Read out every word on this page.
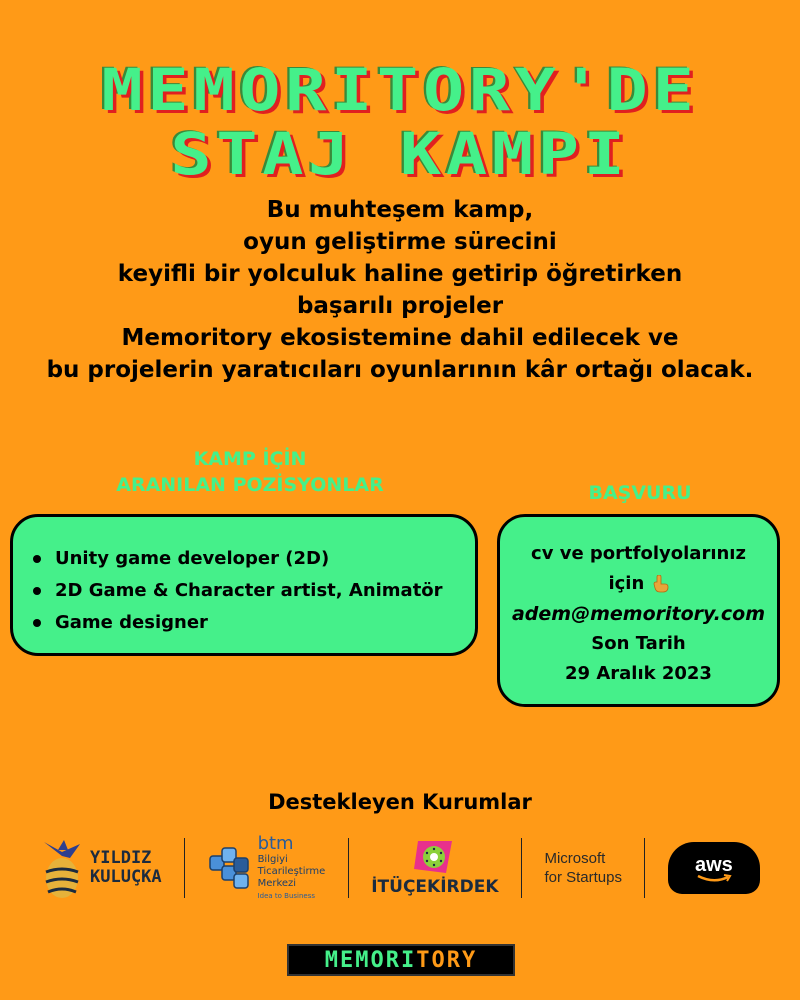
MEMORITORY'DE
STAJ KAMPI

Bu muhteşem kamp,

oyun geliştirme sürecini

keyifli bir yolculuk haline getirip öğretirken

başarılı projeler

Memoritory ekosistemine dahil edilecek ve

bu projelerin yaratıcıları oyunlarının kâr ortağı olacak.

KAMP İÇİN
ARANILAN POZİSYONLAR	BAŞVURU
Unity game developer (2D)
2D Game & Character artist, Animatör
Game designer
cv ve portfolyolarınız
için
adem@memoritory.com
Son Tarih
29 Aralık 2023
Destekleyen Kurumlar
YILDIZ
KULUÇKA
btm
Bilgiyi
Ticarileştirme
Merkezi
Idea to Business	İTÜÇEKİRDEK
Microsoft
for Startups
aws
MEMORI TORY
